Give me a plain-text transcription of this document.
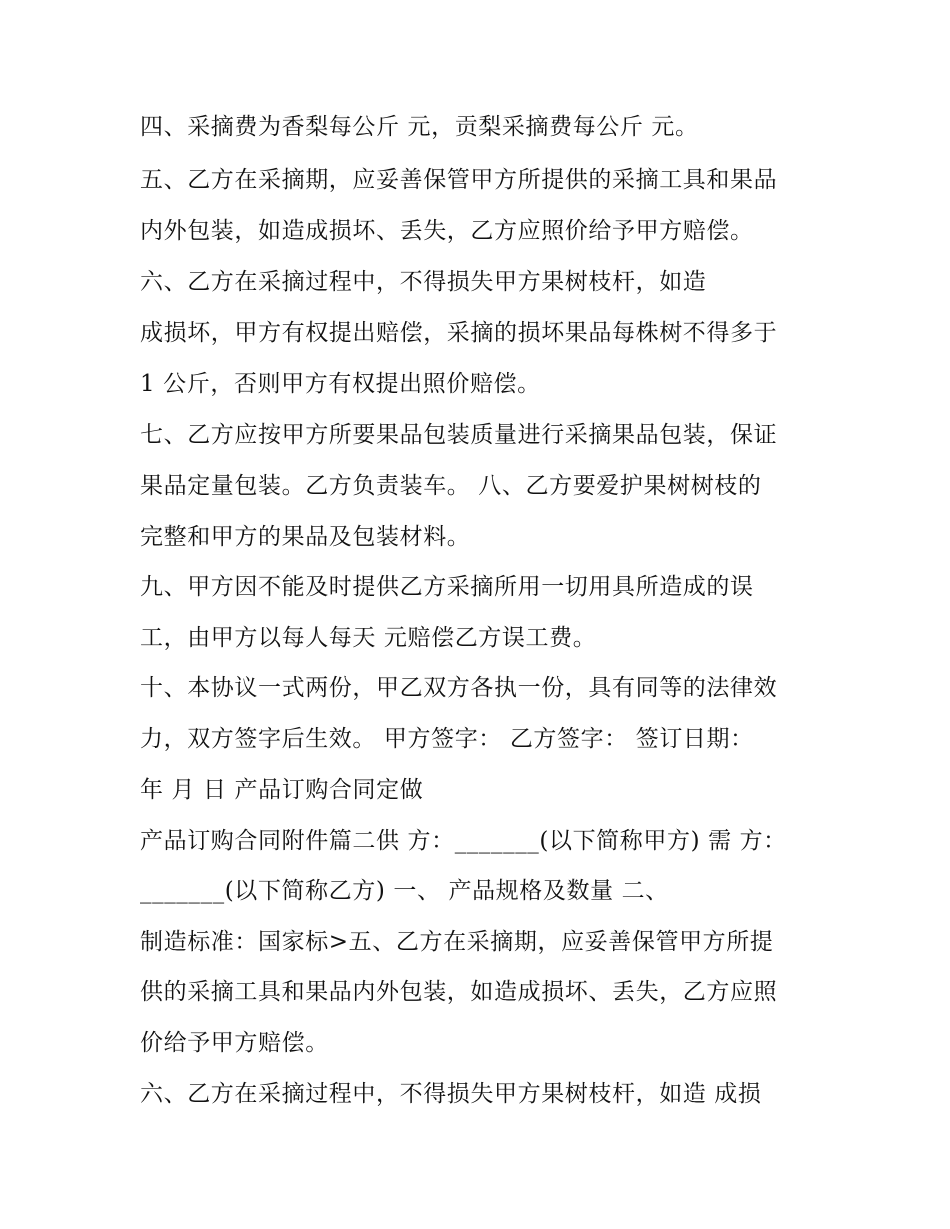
四、采摘费为香梨每公斤 元，贡梨采摘费每公斤 元。

五、乙方在采摘期，应妥善保管甲方所提供的采摘工具和果品

内外包装，如造成损坏、丢失，乙方应照价给予甲方赔偿。

六、乙方在采摘过程中，不得损失甲方果树枝杆，如造

成损坏，甲方有权提出赔偿，采摘的损坏果品每株树不得多于

1 公斤，否则甲方有权提出照价赔偿。

七、乙方应按甲方所要果品包装质量进行采摘果品包装，保证

果品定量包装。乙方负责装车。 八、乙方要爱护果树树枝的

完整和甲方的果品及包装材料。

九、甲方因不能及时提供乙方采摘所用一切用具所造成的误

工，由甲方以每人每天 元赔偿乙方误工费。

十、本协议一式两份，甲乙双方各执一份，具有同等的法律效

力，双方签字后生效。 甲方签字： 乙方签字： 签订日期：

年 月 日 产品订购合同定做

产品订购合同附件篇二供 方：_______(以下简称甲方) 需 方：

_______(以下简称乙方) 一、 产品规格及数量 二、

制造标准：国家标>五、乙方在采摘期，应妥善保管甲方所提

供的采摘工具和果品内外包装，如造成损坏、丢失，乙方应照

价给予甲方赔偿。

六、乙方在采摘过程中，不得损失甲方果树枝杆，如造 成损
